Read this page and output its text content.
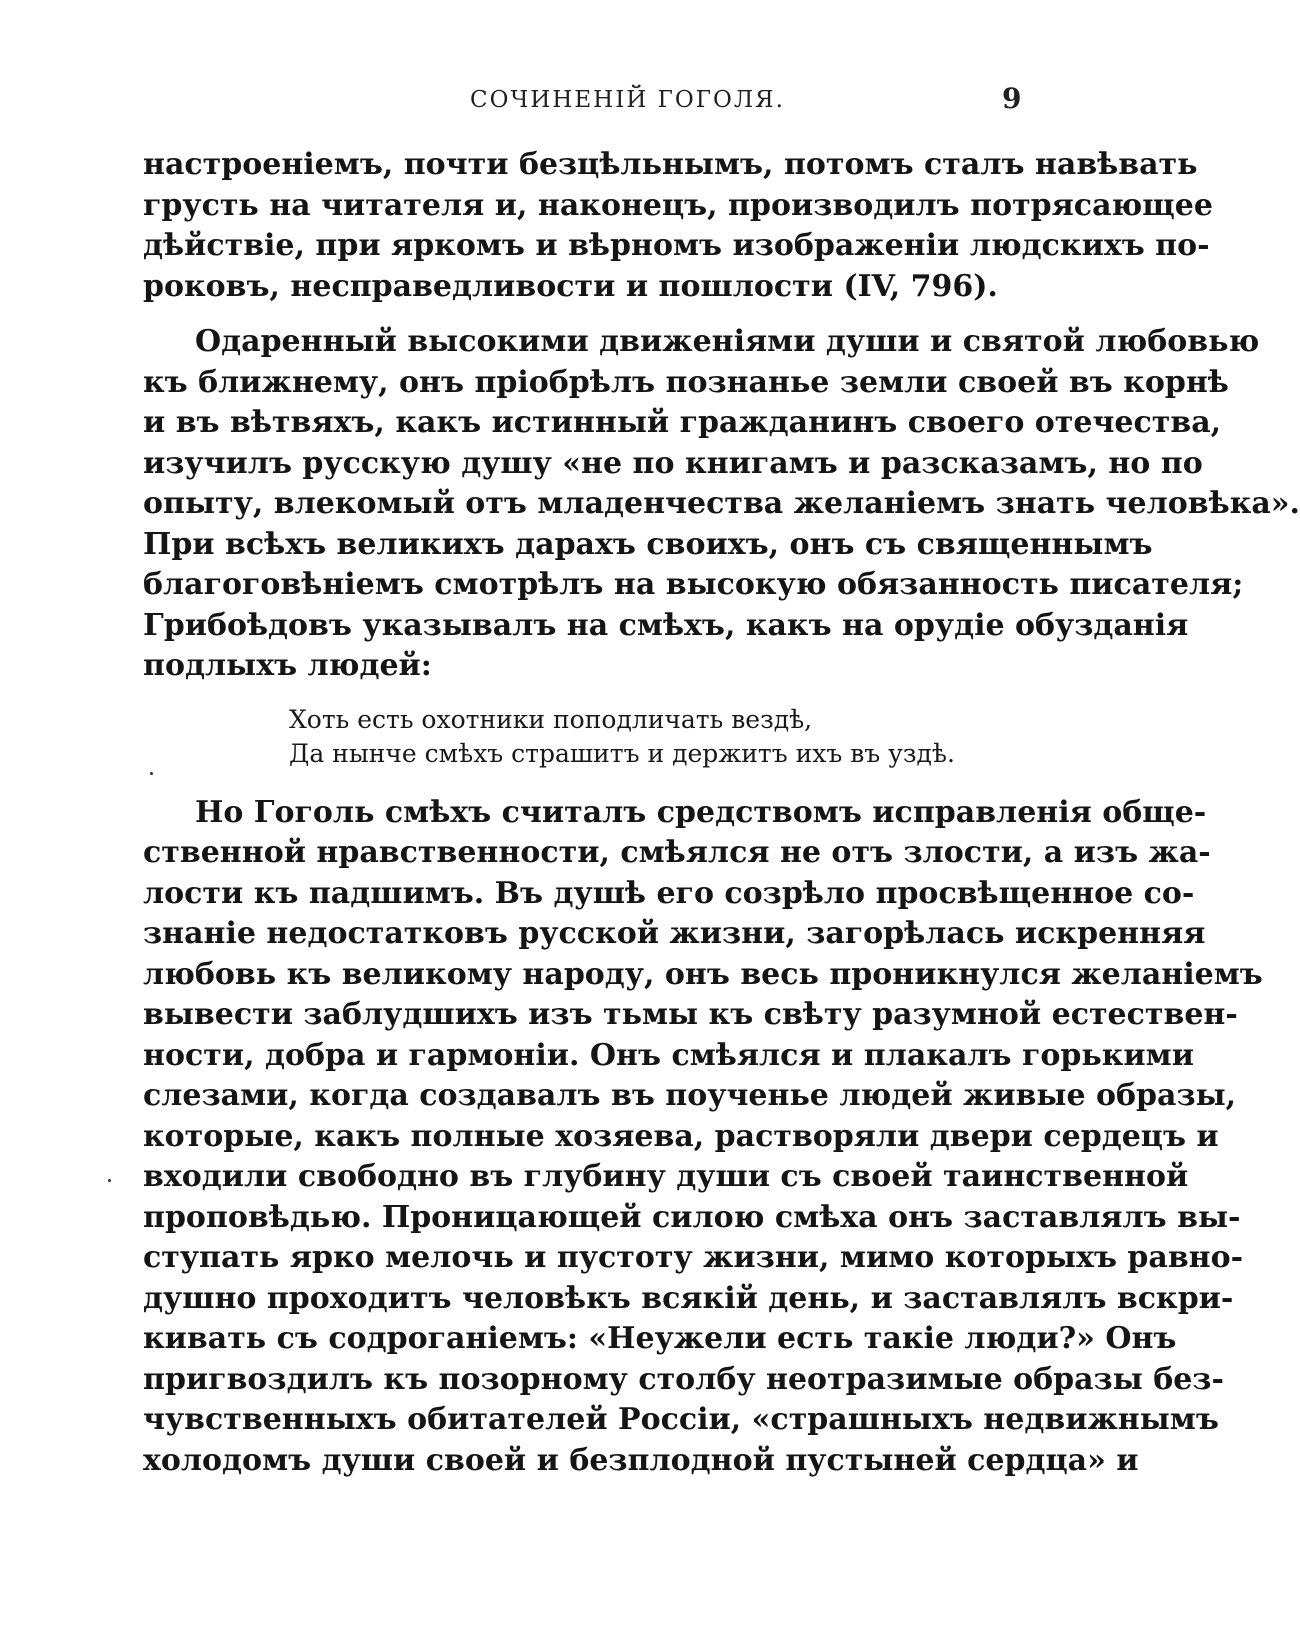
СОЧИНЕНІЙ ГОГОЛЯ.	9
настроеніемъ, почти безцѣльнымъ, потомъ сталъ навѣвать
грусть на читателя и, наконецъ, производилъ потрясающее
дѣйствіе, при яркомъ и вѣрномъ изображеніи людскихъ по-
роковъ, несправедливости и пошлости (IV, 796).
Одаренный высокими движеніями души и святой любовью
къ ближнему, онъ пріобрѣлъ познанье земли своей въ корнѣ
и въ вѣтвяхъ, какъ истинный гражданинъ своего отечества,
изучилъ русскую душу «не по книгамъ и разсказамъ, но по
опыту, влекомый отъ младенчества желаніемъ знать человѣка».
При всѣхъ великихъ дарахъ своихъ, онъ съ священнымъ
благоговѣніемъ смотрѣлъ на высокую обязанность писателя;
Грибоѣдовъ указывалъ на смѣхъ, какъ на орудіе обузданія
подлыхъ людей:
Хоть есть охотники поподличать вездѣ,
Да нынче смѣхъ страшитъ и держитъ ихъ въ уздѣ.
Но Гоголь смѣхъ считалъ средствомъ исправленія обще-
ственной нравственности, смѣялся не отъ злости, а изъ жа-
лости къ падшимъ. Въ душѣ его созрѣло просвѣщенное со-
знаніе недостатковъ русской жизни, загорѣлась искренняя
любовь къ великому народу, онъ весь проникнулся желаніемъ
вывести заблудшихъ изъ тьмы къ свѣту разумной естествен-
ности, добра и гармоніи. Онъ смѣялся и плакалъ горькими
слезами, когда создавалъ въ поученье людей живые образы,
которые, какъ полные хозяева, растворяли двери сердецъ и
входили свободно въ глубину души съ своей таинственной
проповѣдью. Проницающей силою смѣха онъ заставлялъ вы-
ступать ярко мелочь и пустоту жизни, мимо которыхъ равно-
душно проходитъ человѣкъ всякій день, и заставлялъ вскри-
кивать съ содроганіемъ: «Неужели есть такіе люди?» Онъ
пригвоздилъ къ позорному столбу неотразимые образы без-
чувственныхъ обитателей Россіи, «страшныхъ недвижнымъ
холодомъ души своей и безплодной пустыней сердца» и
